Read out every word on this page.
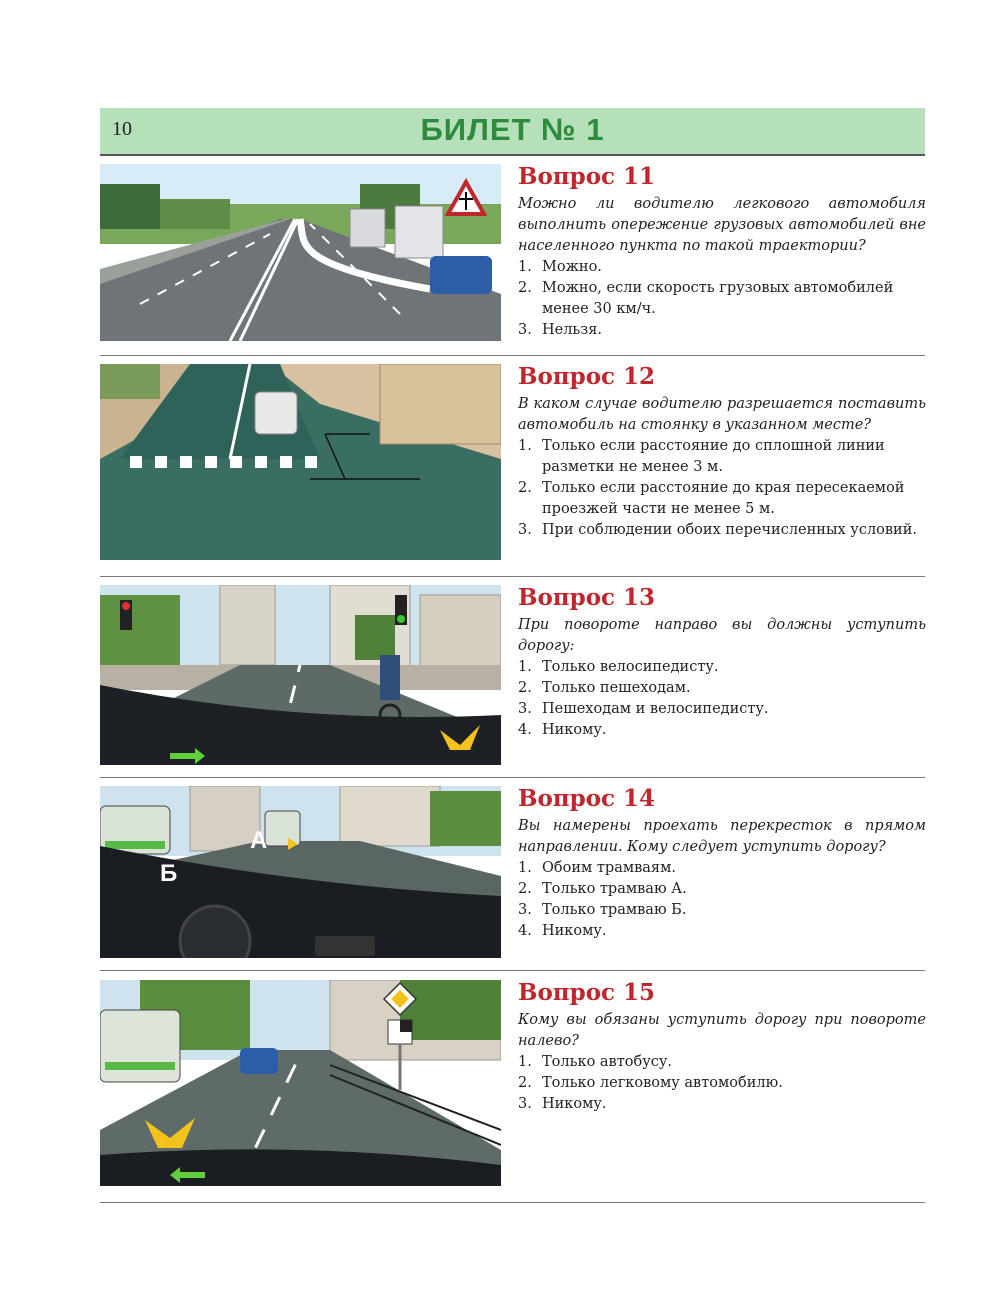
10	БИЛЕТ № 1
Вопрос 11

Можно ли водителю легкового автомобиля выполнить опережение грузовых автомобилей вне населенного пункта по такой траектории?

1. Можно.
2. Можно, если скорость грузовых автомобилей менее 30 км/ч.
3. Нельзя.
Вопрос 12

В каком случае водителю разрешается поставить автомобиль на стоянку в указанном месте?

1. Только если расстояние до сплошной линии разметки не менее 3 м.
2. Только если расстояние до края пересекаемой проезжей части не менее 5 м.
3. При соблюдении обоих перечисленных условий.
Вопрос 13

При повороте направо вы должны уступить дорогу:

1. Только велосипедисту.
2. Только пешеходам.
3. Пешеходам и велосипедисту.
4. Никому.
А
Б
Вопрос 14

Вы намерены проехать перекресток в прямом направлении. Кому следует уступить дорогу?

1. Обоим трамваям.
2. Только трамваю А.
3. Только трамваю Б.
4. Никому.
Вопрос 15

Кому вы обязаны уступить дорогу при повороте налево?

1. Только автобусу.
2. Только легковому автомобилю.
3. Никому.
